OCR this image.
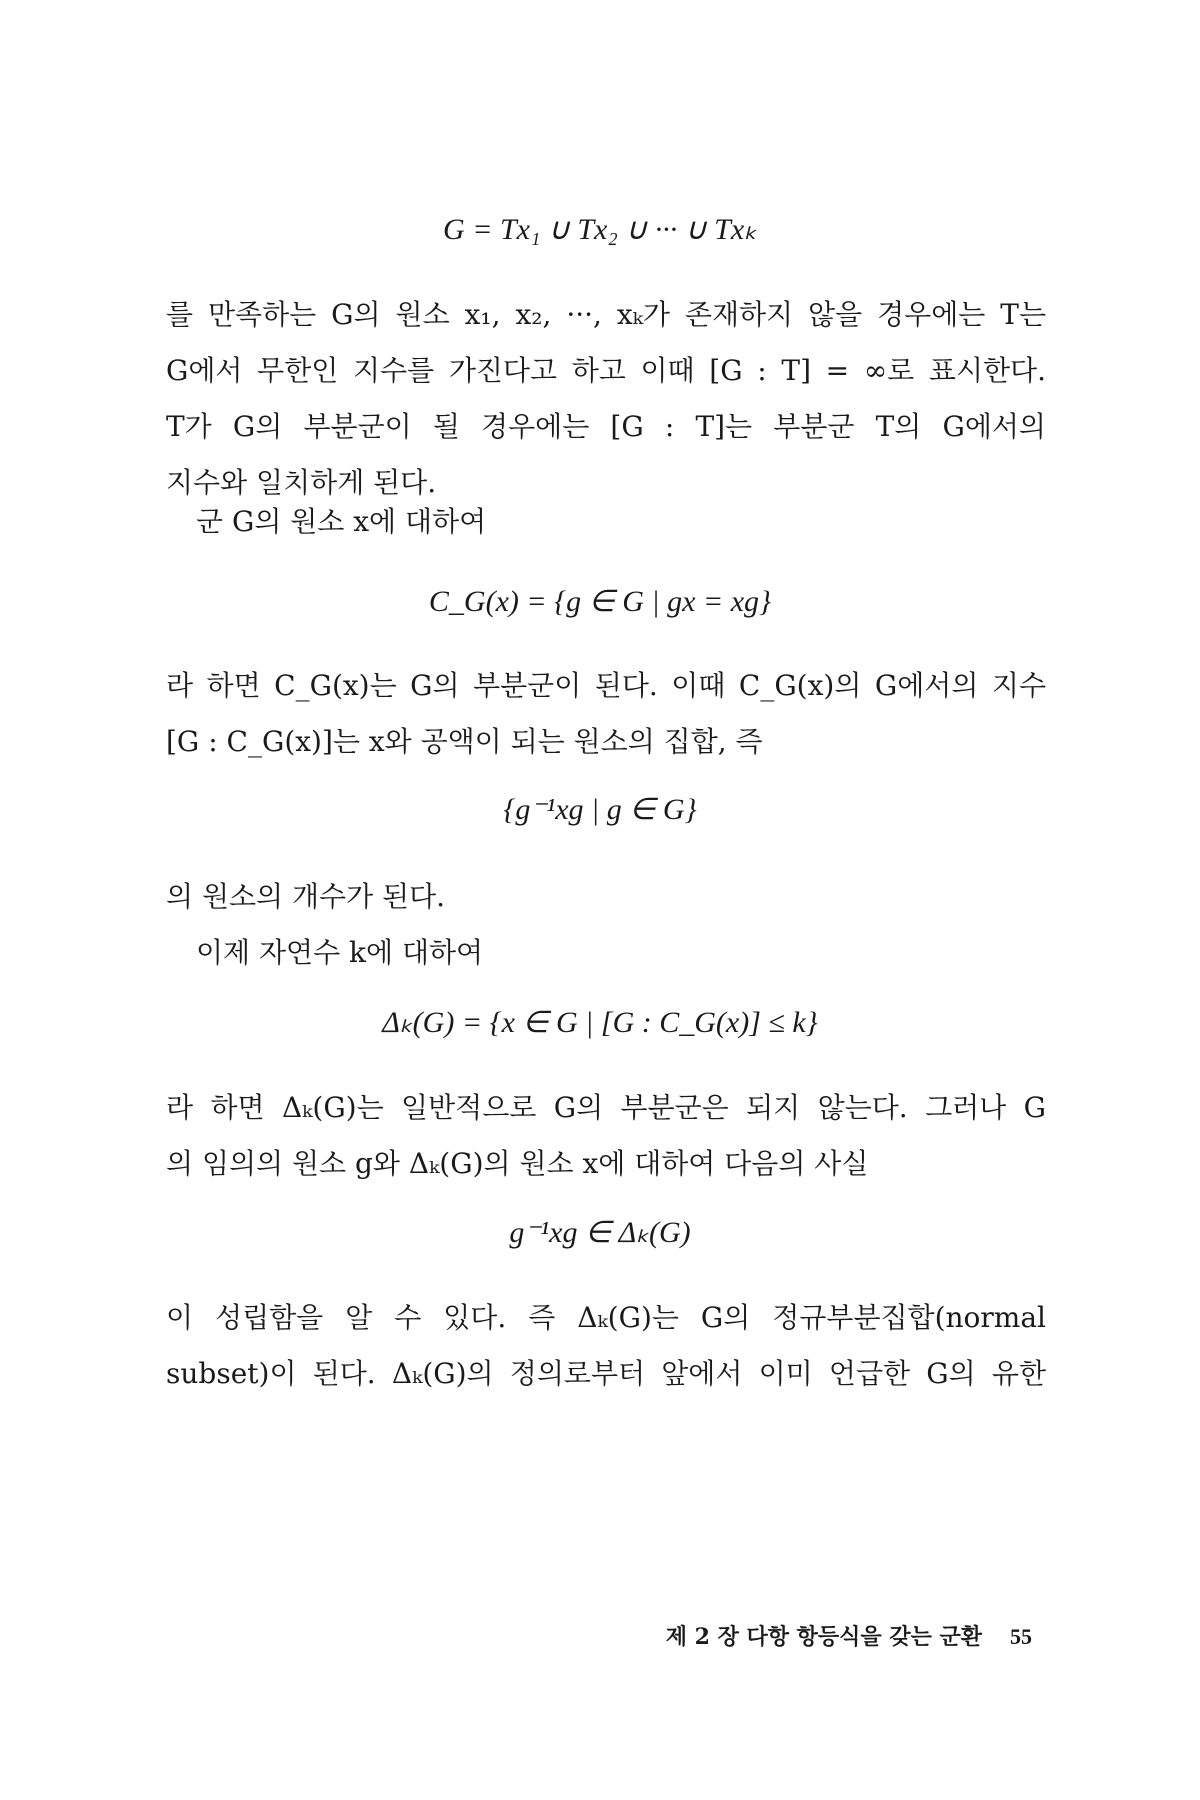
G = Tx₁ ∪ Tx₂ ∪ ··· ∪ Txₖ
를 만족하는 G의 원소 x₁, x₂, ···, xₖ가 존재하지 않을 경우에는 T는
G에서 무한인 지수를 가진다고 하고 이때 [G : T] = ∞로 표시한다.
T가 G의 부분군이 될 경우에는 [G : T]는 부분군 T의 G에서의
지수와 일치하게 된다.
군 G의 원소 x에 대하여
C_G(x) = {g ∈ G | gx = xg}
라 하면 C_G(x)는 G의 부분군이 된다. 이때 C_G(x)의 G에서의 지수
[G : C_G(x)]는 x와 공액이 되는 원소의 집합, 즉
{g⁻¹xg | g ∈ G}
의 원소의 개수가 된다.
이제 자연수 k에 대하여
Δₖ(G) = {x ∈ G | [G : C_G(x)] ≤ k}
라 하면 Δₖ(G)는 일반적으로 G의 부분군은 되지 않는다. 그러나 G
의 임의의 원소 g와 Δₖ(G)의 원소 x에 대하여 다음의 사실
g⁻¹xg ∈ Δₖ(G)
이 성립함을 알 수 있다. 즉 Δₖ(G)는 G의 정규부분집합(normal
subset)이 된다. Δₖ(G)의 정의로부터 앞에서 이미 언급한 G의 유한
제 2 장 다항 항등식을 갖는 군환 55
